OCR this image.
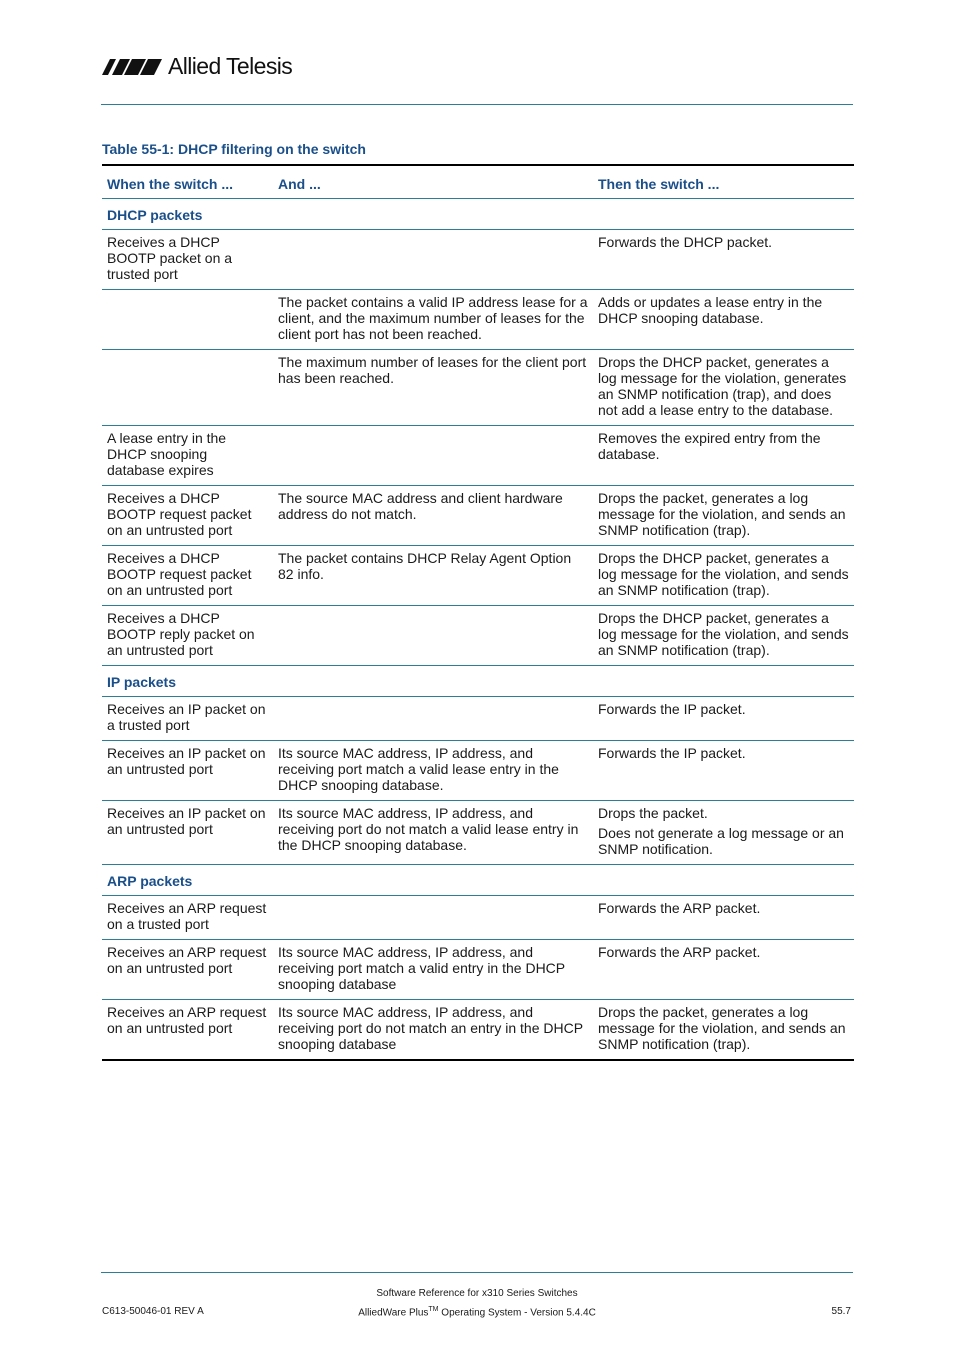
Allied Telesis
Table 55-1: DHCP filtering on the switch
When the switch ...	And ...	Then the switch ...
DHCP packets		
Receives a DHCP BOOTP packet on a trusted port		Forwards the DHCP packet.

	The packet contains a valid IP address lease for a client, and the maximum number of leases for the client port has not been reached.	Adds or updates a lease entry in the DHCP snooping database.

	The maximum number of leases for the client port has been reached.	Drops the DHCP packet, generates a log message for the violation, generates an SNMP notification (trap), and does not add a lease entry to the database.

A lease entry in the DHCP snooping database expires		Removes the expired entry from the database.

Receives a DHCP BOOTP request packet on an untrusted port	The source MAC address and client hardware address do not match.	Drops the packet, generates a log message for the violation, and sends an SNMP notification (trap).

Receives a DHCP BOOTP request packet on an untrusted port	The packet contains DHCP Relay Agent Option 82 info.	Drops the DHCP packet, generates a log message for the violation, and sends an SNMP notification (trap).

Receives a DHCP BOOTP reply packet on an untrusted port		Drops the DHCP packet, generates a log message for the violation, and sends an SNMP notification (trap).

IP packets		
Receives an IP packet on a trusted port		Forwards the IP packet.

Receives an IP packet on an untrusted port	Its source MAC address, IP address, and receiving port match a valid lease entry in the DHCP snooping database.	Forwards the IP packet.

Receives an IP packet on an untrusted port	Its source MAC address, IP address, and receiving port do not match a valid lease entry in the DHCP snooping database.	Drops the packet.
Does not generate a log message or an SNMP notification.

ARP packets		
Receives an ARP request on a trusted port		Forwards the ARP packet.

Receives an ARP request on an untrusted port	Its source MAC address, IP address, and receiving port match a valid entry in the DHCP snooping database	Forwards the ARP packet.

Receives an ARP request on an untrusted port	Its source MAC address, IP address, and receiving port do not match an entry in the DHCP snooping database	Drops the packet, generates a log message for the violation, and sends an SNMP notification (trap).
Software Reference for x310 Series Switches
C613-50046-01 REV A	AlliedWare Plus™ Operating System - Version 5.4.4C	55.7
